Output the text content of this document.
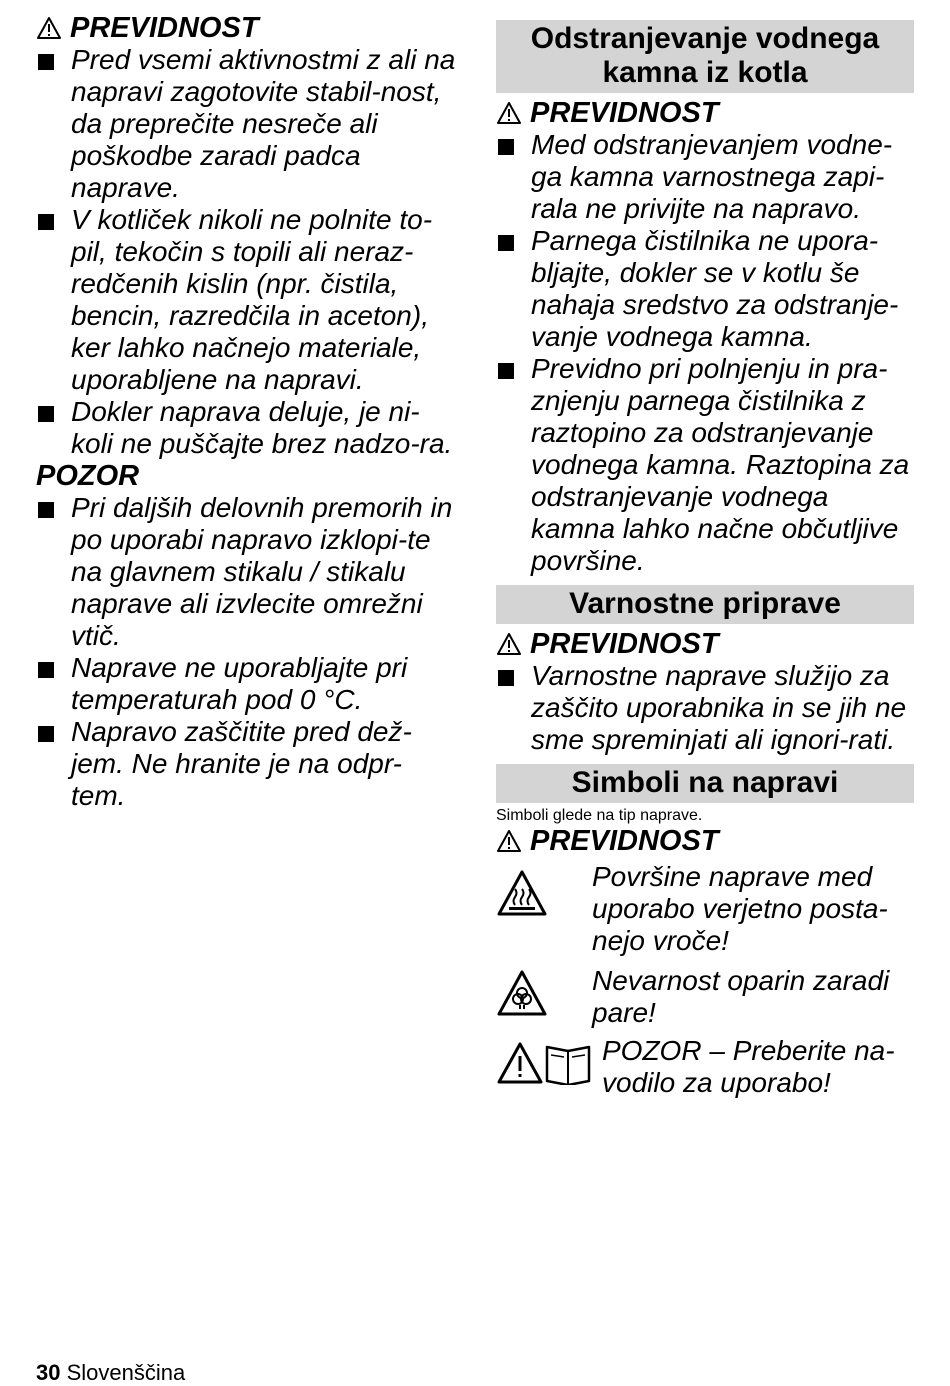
PREVIDNOST
Pred vsemi aktivnostmi z ali na napravi zagotovite stabil-nost, da preprečite nesreče ali poškodbe zaradi padca naprave.
V kotliček nikoli ne polnite to-pil, tekočin s topili ali neraz-redčenih kislin (npr. čistila, bencin, razredčila in aceton), ker lahko načnejo materiale, uporabljene na napravi.
Dokler naprava deluje, je ni-koli ne puščajte brez nadzo-ra.
POZOR
Pri daljših delovnih premorih in po uporabi napravo izklopi-te na glavnem stikalu / stikalu naprave ali izvlecite omrežni vtič.
Naprave ne uporabljajte pri temperaturah pod 0 °C.
Napravo zaščitite pred dež-jem. Ne hranite je na odpr-tem.
Odstranjevanje vodnega kamna iz kotla
PREVIDNOST
Med odstranjevanjem vodne-ga kamna varnostnega zapi-rala ne privijte na napravo.
Parnega čistilnika ne upora-bljajte, dokler se v kotlu še nahaja sredstvo za odstranje-vanje vodnega kamna.
Previdno pri polnjenju in pra-znjenju parnega čistilnika z raztopino za odstranjevanje vodnega kamna. Raztopina za odstranjevanje vodnega kamna lahko načne občutljive površine.
Varnostne priprave
PREVIDNOST
Varnostne naprave služijo za zaščito uporabnika in se jih ne sme spreminjati ali ignori-rati.
Simboli na napravi
Simboli glede na tip naprave.
PREVIDNOST
Površine naprave med uporabo verjetno posta-nejo vroče!
Nevarnost oparin zaradi pare!
POZOR – Preberite na-vodilo za uporabo!
30 Slovenščina
